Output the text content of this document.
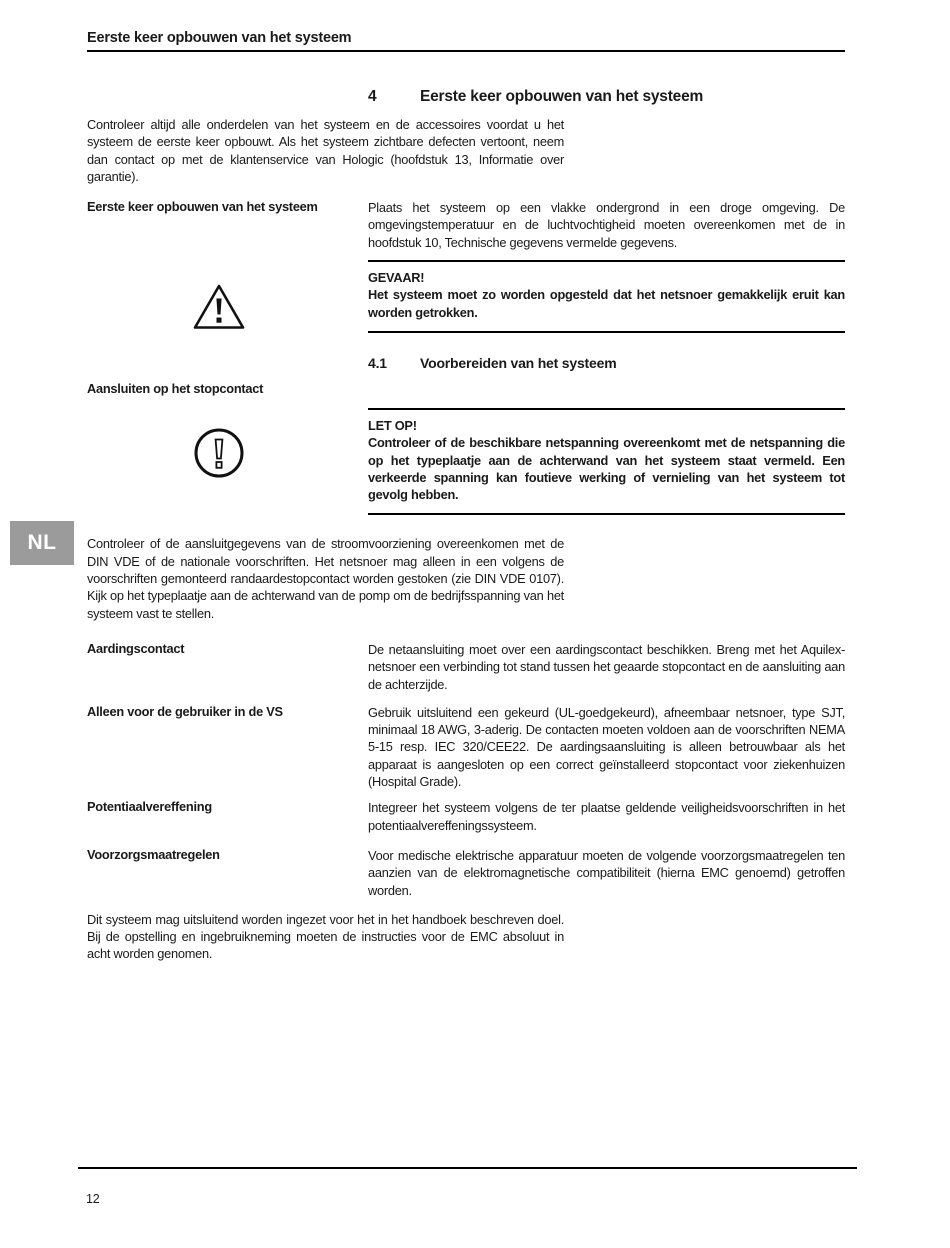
Eerste keer opbouwen van het systeem
4	Eerste keer opbouwen van het systeem

Controleer altijd alle onderdelen van het systeem en de accessoires voordat u het systeem de eerste keer opbouwt. Als het systeem zichtbare defecten vertoont, neem dan contact op met de klantenservice van Hologic (hoofdstuk 13, Informatie over garantie).

Eerste keer opbouwen van het systeem	Plaats het systeem op een vlakke ondergrond in een droge omgeving. De omgevingstemperatuur en de luchtvochtigheid moeten overeenkomen met de in hoofdstuk 10, Technische gegevens vermelde gegevens.

GEVAAR!

Het systeem moet zo worden opgesteld dat het netsnoer gemakkelijk eruit kan worden getrokken.

4.1	Voorbereiden van het systeem
Aansluiten op het stopcontact

LET OP!

Controleer of de beschikbare netspanning overeenkomt met de netspanning die op het typeplaatje aan de achterwand van het systeem staat vermeld. Een verkeerde spanning kan foutieve werking of vernieling van het systeem tot gevolg hebben.

Controleer of de aansluitgegevens van de stroomvoorziening overeenkomen met de DIN VDE of de nationale voorschriften. Het netsnoer mag alleen in een volgens de voorschriften gemonteerd randaardestopcontact worden gestoken (zie DIN VDE 0107). Kijk op het typeplaatje aan de achterwand van de pomp om de bedrijfsspanning van het systeem vast te stellen.

Aardingscontact	De netaansluiting moet over een aardingscontact beschikken. Breng met het Aquilex-netsnoer een verbinding tot stand tussen het geaarde stopcontact en de aansluiting aan de achterzijde.

Alleen voor de gebruiker in de VS	Gebruik uitsluitend een gekeurd (UL-goedgekeurd), afneembaar netsnoer, type SJT, minimaal 18 AWG, 3-aderig. De contacten moeten voldoen aan de voorschriften NEMA 5-15 resp. IEC 320/CEE22. De aardingsaansluiting is alleen betrouwbaar als het apparaat is aangesloten op een correct geïnstalleerd stopcontact voor ziekenhuizen (Hospital Grade).

Potentiaalvereffening	Integreer het systeem volgens de ter plaatse geldende veiligheidsvoorschriften in het potentiaalvereffeningssysteem.

Voorzorgsmaatregelen	Voor medische elektrische apparatuur moeten de volgende voorzorgsmaatregelen ten aanzien van de elektromagnetische compatibiliteit (hierna EMC genoemd) getroffen worden.

Dit systeem mag uitsluitend worden ingezet voor het in het handboek beschreven doel. Bij de opstelling en ingebruikneming moeten de instructies voor de EMC absoluut in acht worden genomen.

NL
12
